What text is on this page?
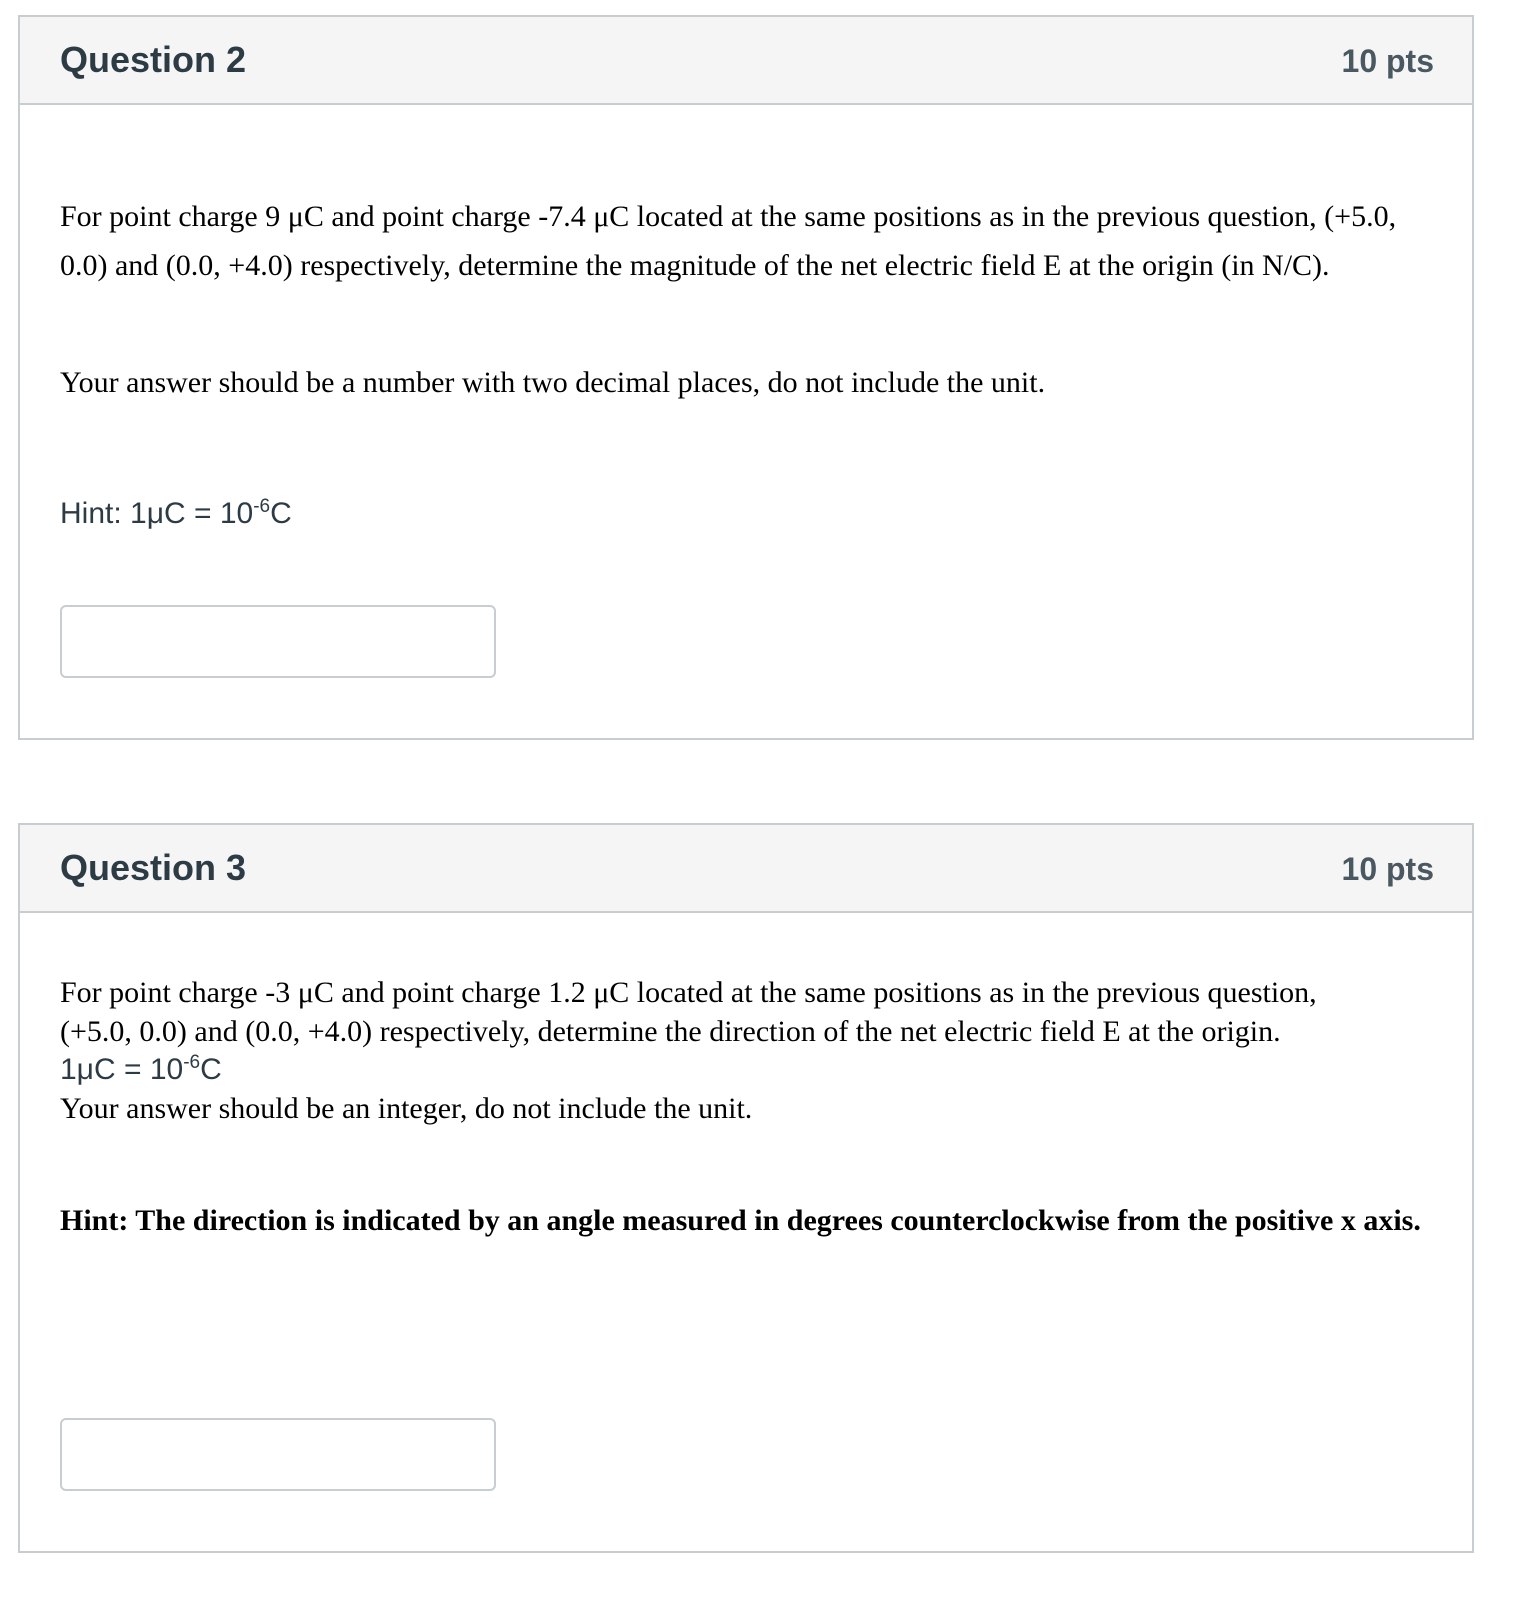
Question 2	10 pts

For point charge 9 μC and point charge -7.4 μC located at the same positions as in the previous question, (+5.0, 0.0) and (0.0, +4.0) respectively, determine the magnitude of the net electric field E at the origin (in N/C).

Your answer should be a number with two decimal places, do not include the unit.

Hint: $1\mu C = 10^{-6}C$

Question 3	10 pts

For point charge -3 μC and point charge 1.2 μC located at the same positions as in the previous question,

(+5.0, 0.0) and (0.0, +4.0) respectively, determine the direction of the net electric field E at the origin.

$1\mu C = 10^{-6}C$

Your answer should be an integer, do not include the unit.

Hint: The direction is indicated by an angle measured in degrees counterclockwise from the positive x axis.
